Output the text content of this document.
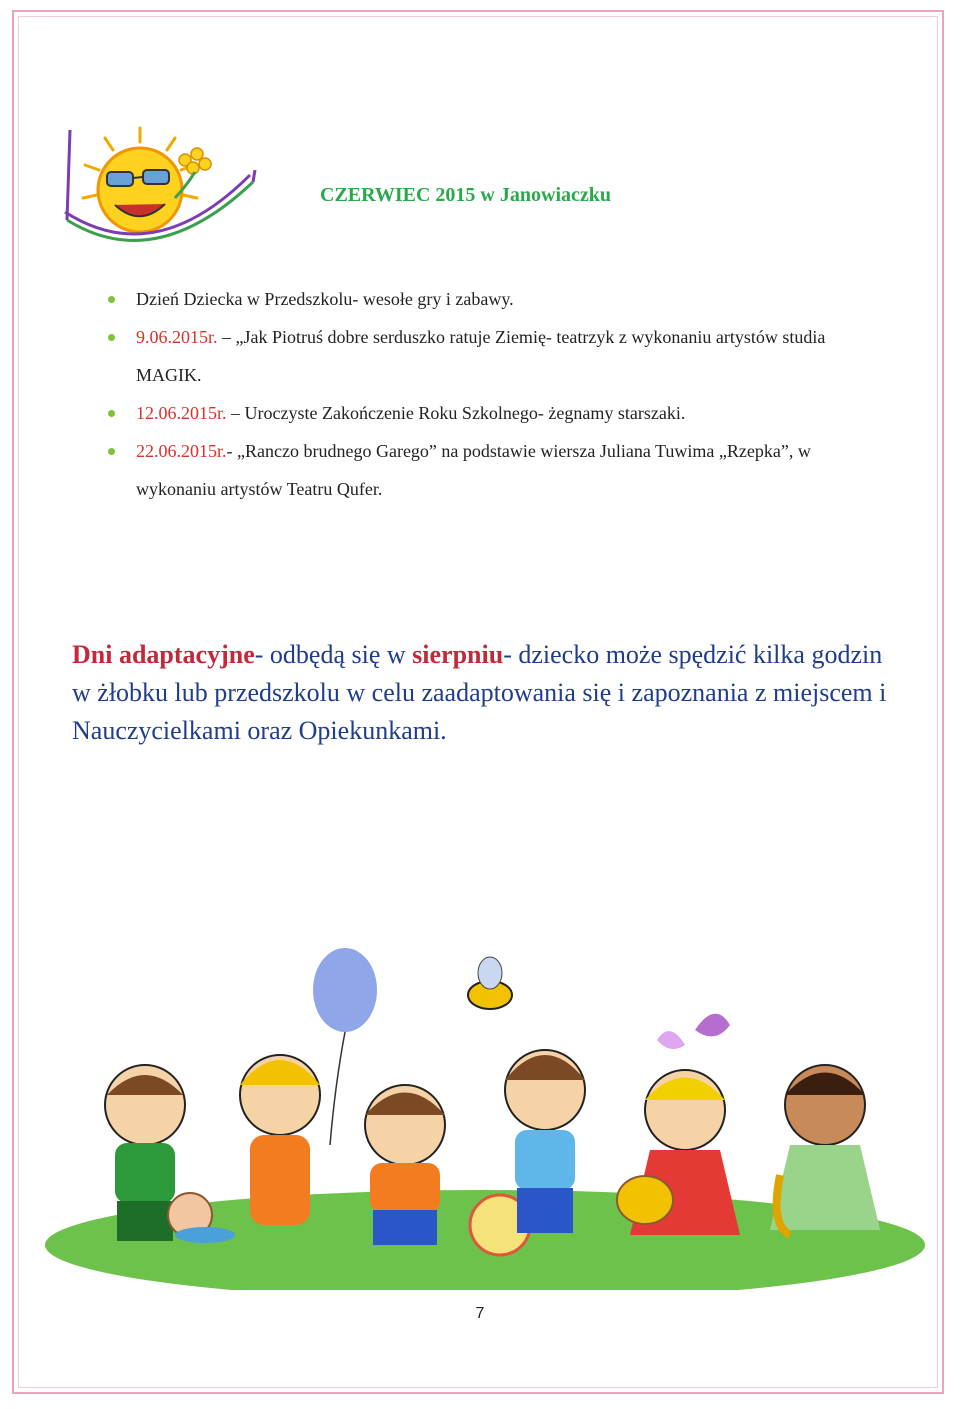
CZERWIEC 2015 w Janowiaczku
Dzień Dziecka w Przedszkolu- wesołe gry i zabawy.
9.06.2015r. – „Jak Piotruś dobre serduszko ratuje Ziemię- teatrzyk z wykonaniu artystów studia MAGIK.
12.06.2015r. – Uroczyste Zakończenie Roku Szkolnego- żegnamy starszaki.
22.06.2015r.- „Ranczo brudnego Garego” na podstawie wiersza Juliana Tuwima „Rzepka”, w wykonaniu artystów Teatru Qufer.
Dni adaptacyjne- odbędą się w sierpniu- dziecko może spędzić kilka godzin w żłobku lub przedszkolu w celu zaadaptowania się i zapoznania z miejscem i Nauczycielkami oraz Opiekunkami.
7
